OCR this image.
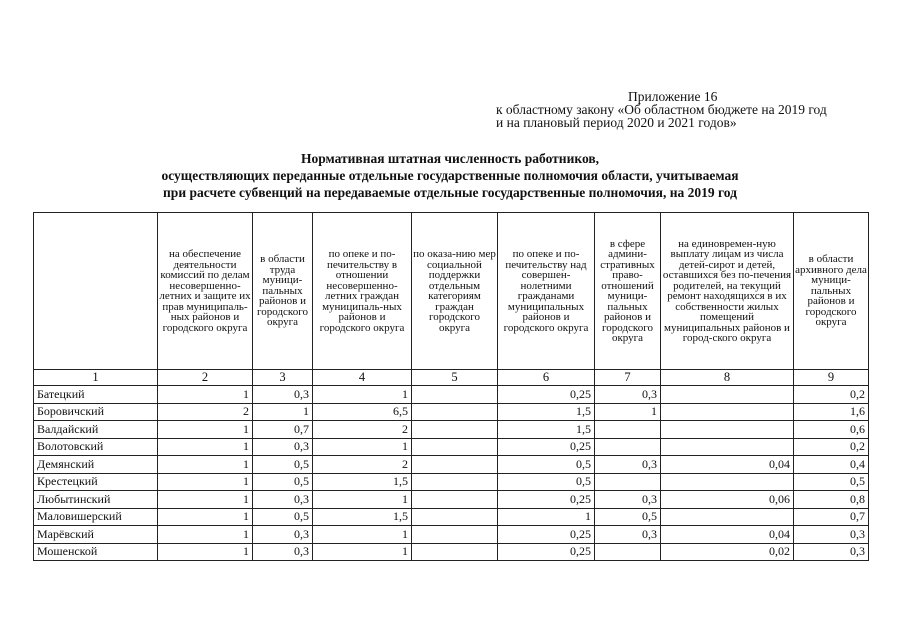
Приложение 16
к областному закону «Об областном бюджете на 2019 год
и на плановый период 2020 и 2021 годов»
Нормативная штатная численность работников,
осуществляющих переданные отдельные государственные полномочия области, учитываемая
при расчете субвенций на передаваемые отдельные государственные полномочия, на 2019 год
	на обеспечение деятельности комиссий по делам несовершенно-летних и защите их прав муниципаль-ных районов и городского округа	в области труда муници-пальных районов и городского округа	по опеке и по-печительству в отношении несовершенно-летних граждан муниципаль-ных районов и городского округа	по оказа-нию мер социальной поддержки отдельным категориям граждан городского округа	по опеке и по-печительству над совершен-нолетними гражданами муниципальных районов и городского округа	в сфере админи-стративных право-отношений муници-пальных районов и городского округа	на единовремен-ную выплату лицам из числа детей-сирот и детей, оставшихся без по-печения родителей, на текущий ремонт находящихся в их собственности жилых помещений муниципальных районов и город-ского округа	в области архивного дела муници-пальных районов и городского округа
1	2	3	4	5	6	7	8	9
Батецкий	1	0,3	1		0,25	0,3		0,2
Боровичский	2	1	6,5		1,5	1		1,6
Валдайский	1	0,7	2		1,5			0,6
Волотовский	1	0,3	1		0,25			0,2
Демянский	1	0,5	2		0,5	0,3	0,04	0,4
Крестецкий	1	0,5	1,5		0,5			0,5
Любытинский	1	0,3	1		0,25	0,3	0,06	0,8
Маловишерский	1	0,5	1,5		1	0,5		0,7
Марёвский	1	0,3	1		0,25	0,3	0,04	0,3
Мошенской	1	0,3	1		0,25		0,02	0,3
